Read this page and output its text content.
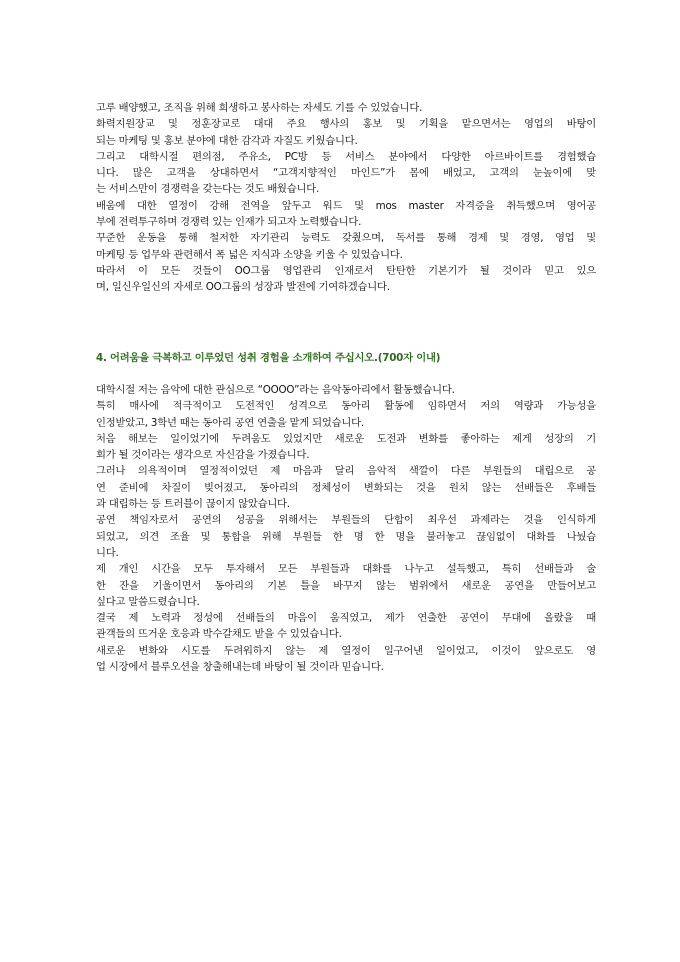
고루 배양했고, 조직을 위해 희생하고 봉사하는 자세도 기를 수 있었습니다.
화력지원장교 및 정훈장교로 대대 주요 행사의 홍보 및 기획을 맡으면서는 영업의 바탕이
되는 마케팅 및 홍보 분야에 대한 감각과 자질도 키웠습니다.
그리고 대학시절 편의점, 주유소, PC방 등 서비스 분야에서 다양한 아르바이트를 경험했습
니다. 많은 고객을 상대하면서 “고객지향적인 마인드”가 몸에 배었고, 고객의 눈높이에 맞
는 서비스만이 경쟁력을 갖는다는 것도 배웠습니다.
배움에 대한 열정이 강해 전역을 앞두고 워드 및 mos master 자격증을 취득했으며 영어공
부에 전력투구하며 경쟁력 있는 인재가 되고자 노력했습니다.
꾸준한 운동을 통해 철저한 자기관리 능력도 갖췄으며, 독서를 통해 경제 및 경영, 영업 및
마케팅 등 업무와 관련해서 폭 넓은 지식과 소양을 키울 수 있었습니다.
따라서 이 모든 것들이 OO그룹 영업관리 인재로서 탄탄한 기본기가 될 것이라 믿고 있으
며, 일신우일신의 자세로 OO그룹의 성장과 발전에 기여하겠습니다.
4. 어려움을 극복하고 이루었던 성취 경험을 소개하여 주십시오.(700자 이내)
대학시절 저는 음악에 대한 관심으로 “OOOO”라는 음악동아리에서 활동했습니다.
특히 매사에 적극적이고 도전적인 성격으로 동아리 활동에 임하면서 저의 역량과 가능성을
인정받았고, 3학년 때는 동아리 공연 연출을 맡게 되었습니다.
처음 해보는 일이었기에 두려움도 있었지만 새로운 도전과 변화를 좋아하는 제게 성장의 기
회가 될 것이라는 생각으로 자신감을 가졌습니다.
그러나 의욕적이며 열정적이었던 제 마음과 달리 음악적 색깔이 다른 부원들의 대립으로 공
연 준비에 차질이 빚어졌고, 동아리의 정체성이 변화되는 것을 원치 않는 선배들은 후배들
과 대립하는 등 트러블이 끊이지 않았습니다.
공연 책임자로서 공연의 성공을 위해서는 부원들의 단합이 최우선 과제라는 것을 인식하게
되었고, 의견 조율 및 통합을 위해 부원들 한 명 한 명을 불러놓고 끊임없이 대화를 나눴습
니다.
제 개인 시간을 모두 투자해서 모든 부원들과 대화를 나누고 설득했고, 특히 선배들과 술
한 잔을 기울이면서 동아리의 기본 틀을 바꾸지 않는 범위에서 새로운 공연을 만들어보고
싶다고 말씀드렸습니다.
결국 제 노력과 정성에 선배들의 마음이 움직였고, 제가 연출한 공연이 무대에 올랐을 때
관객들의 뜨거운 호응과 박수갈채도 받을 수 있었습니다.
새로운 변화와 시도를 두려워하지 않는 제 열정이 일구어낸 일이었고, 이것이 앞으로도 영
업 시장에서 블루오션을 창출해내는데 바탕이 될 것이라 믿습니다.
